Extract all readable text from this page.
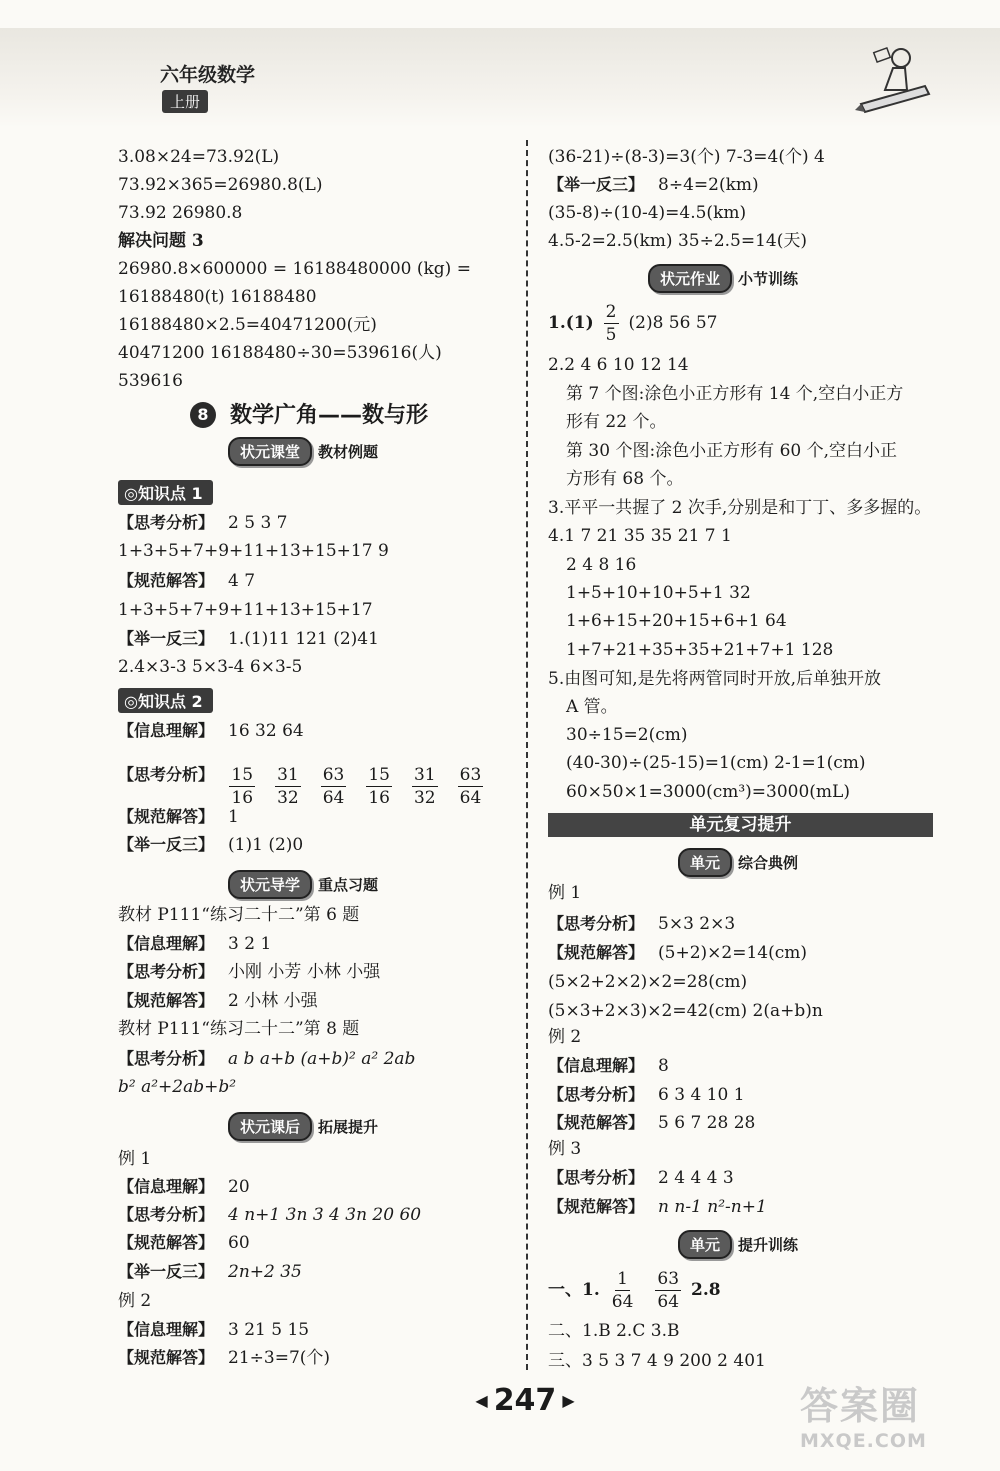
六年级数学
上册
3.08×24=73.92(L)
73.92×365=26980.8(L)
73.92 26980.8
解决问题 3
26980.8×600000 = 16188480000 (kg) =
16188480(t) 16188480
16188480×2.5=40471200(元)
40471200 16188480÷30=539616(人)
539616
8 数学广角——数与形
状元课堂 教材例题
◎知识点 1
【思考分析】 2 5 3 7
1+3+5+7+9+11+13+15+17 9
【规范解答】 4 7
1+3+5+7+9+11+13+15+17
【举一反三】 1.(1)11 121 (2)41
2.4×3-3 5×3-4 6×3-5
◎知识点 2
【信息理解】 16 32 64
【思考分析】 $\frac{15}{16} \frac{31}{32} \frac{63}{64} \frac{15}{16} \frac{31}{32} \frac{63}{64}$
【规范解答】 1
【举一反三】 (1)1 (2)0
状元导学 重点习题
教材 P111“练习二十二”第 6 题
【信息理解】 3 2 1
【思考分析】 小刚 小芳 小林 小强
【规范解答】 2 小林 小强
教材 P111“练习二十二”第 8 题
【思考分析】 a b a+b (a+b)² a² 2ab
b² a²+2ab+b²
状元课后 拓展提升
例 1
【信息理解】 20
【思考分析】 4 n+1 3n 3 4 3n 20 60
【规范解答】 60
【举一反三】 2n+2 35
例 2
【信息理解】 3 21 5 15
【规范解答】 21÷3=7(个)
(36-21)÷(8-3)=3(个) 7-3=4(个) 4
【举一反三】 8÷4=2(km)
(35-8)÷(10-4)=4.5(km)
4.5-2=2.5(km) 35÷2.5=14(天)
状元作业 小节训练
$1.(1) \frac{2}{5} (2)8$ 56 57
2.2 4 6 10 12 14
第 7 个图:涂色小正方形有 14 个,空白小正方
形有 22 个。
第 30 个图:涂色小正方形有 60 个,空白小正
方形有 68 个。
3.平平一共握了 2 次手,分别是和丁丁、多多握的。
4.1 7 21 35 35 21 7 1
2 4 8 16
1+5+10+10+5+1 32
1+6+15+20+15+6+1 64
1+7+21+35+35+21+7+1 128
5.由图可知,是先将两管同时开放,后单独开放
A 管。
30÷15=2(cm)
(40-30)÷(25-15)=1(cm) 2-1=1(cm)
60×50×1=3000(cm³)=3000(mL)
单元复习提升
单元 综合典例
例 1
【思考分析】 5×3 2×3
【规范解答】 (5+2)×2=14(cm)
(5×2+2×2)×2=28(cm)
(5×3+2×3)×2=42(cm) 2(a+b)n
例 2
【信息理解】 8
【思考分析】 6 3 4 10 1
【规范解答】 5 6 7 28 28
例 3
【思考分析】 2 4 4 4 3
【规范解答】 n n-1 n²-n+1
单元 提升训练
一、1. $\frac{1}{64} \frac{63}{64} 2.8$
二、1.B 2.C 3.B
三、3 5 3 7 4 9 200 2 401
◀ 247 ▶	答案圈
MXQE.COM
